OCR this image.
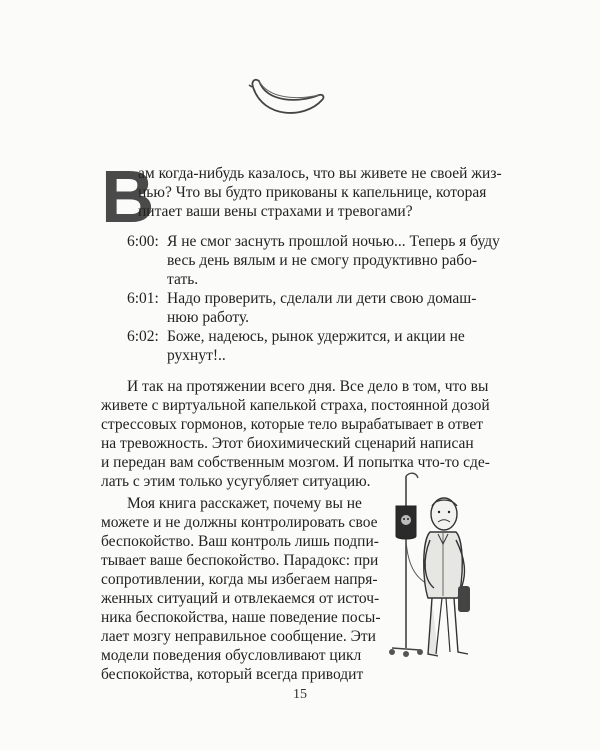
В
ам когда-нибудь казалось, что вы живете не своей жиз-
нью? Что вы будто прикованы к капельнице, которая
питает ваши вены страхами и тревогами?
6:00: Я не смог заснуть прошлой ночью... Теперь я буду
весь день вялым и не смогу продуктивно рабо-
тать.
6:01: Надо проверить, сделали ли дети свою домаш-
нюю работу.
6:02: Боже, надеюсь, рынок удержится, и акции не
рухнут!..
И так на протяжении всего дня. Все дело в том, что вы
живете с виртуальной капелькой страха, постоянной дозой
стрессовых гормонов, которые тело вырабатывает в ответ
на тревожность. Этот биохимический сценарий написан
и передан вам собственным мозгом. И попытка что-то сде-
лать с этим только усугубляет ситуацию.
Моя книга расскажет, почему вы не
можете и не должны контролировать свое
беспокойство. Ваш контроль лишь подпи-
тывает ваше беспокойство. Парадокс: при
сопротивлении, когда мы избегаем напря-
женных ситуаций и отвлекаемся от источ-
ника беспокойства, наше поведение посы-
лает мозгу неправильное сообщение. Эти
модели поведения обусловливают цикл
беспокойства, который всегда приводит
15
